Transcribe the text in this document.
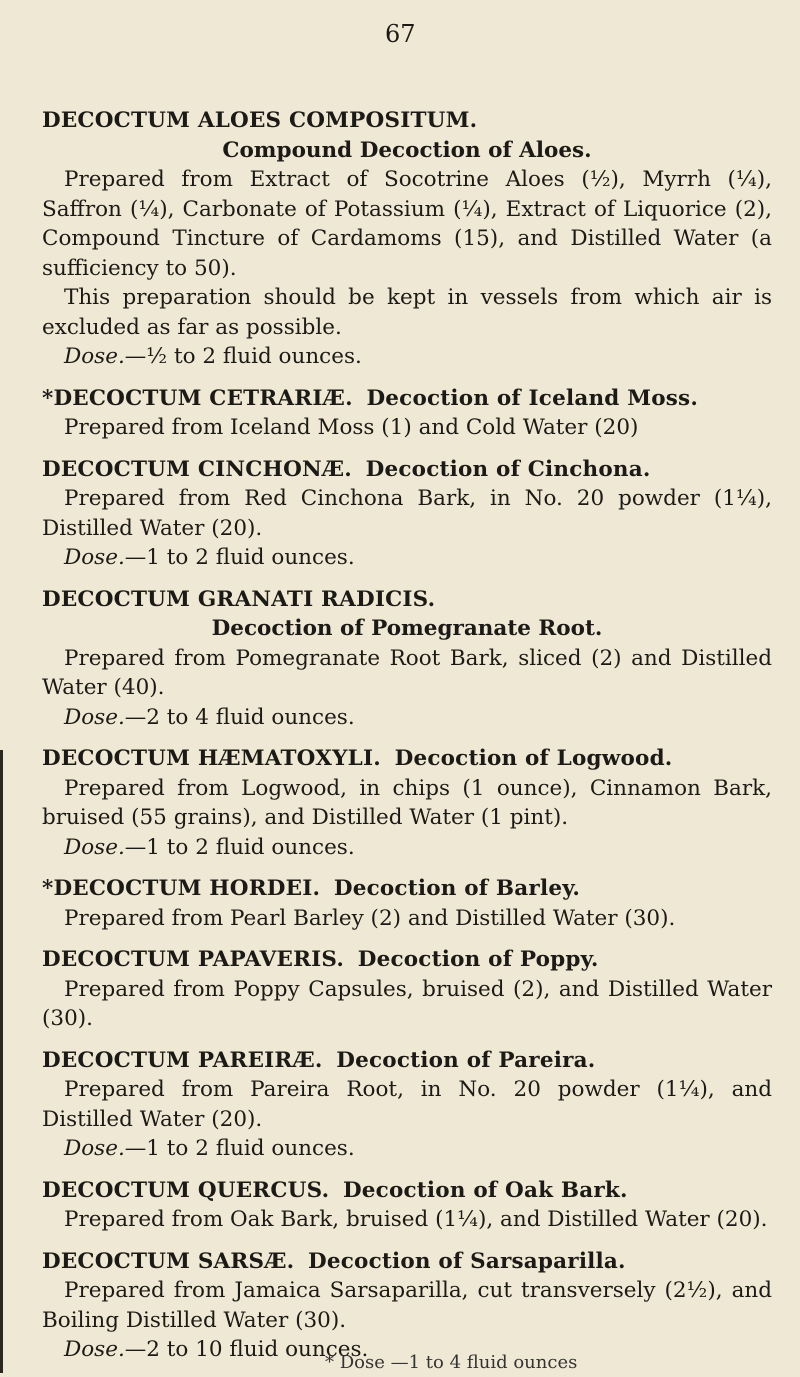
67
DECOCTUM ALOES COMPOSITUM.
Compound Decoction of Aloes.
Prepared from Extract of Socotrine Aloes (½), Myrrh (¼), Saffron (¼), Carbonate of Potassium (¼), Extract of Liquorice (2), Compound Tincture of Cardamoms (15), and Distilled Water (a sufficiency to 50).
This preparation should be kept in vessels from which air is excluded as far as possible.
Dose.—½ to 2 fluid ounces.
*DECOCTUM CETRARIÆ. Decoction of Iceland Moss.
Prepared from Iceland Moss (1) and Cold Water (20)
DECOCTUM CINCHONÆ. Decoction of Cinchona.
Prepared from Red Cinchona Bark, in No. 20 powder (1¼), Distilled Water (20).
Dose.—1 to 2 fluid ounces.
DECOCTUM GRANATI RADICIS.
Decoction of Pomegranate Root.
Prepared from Pomegranate Root Bark, sliced (2) and Distilled Water (40).
Dose.—2 to 4 fluid ounces.
DECOCTUM HÆMATOXYLI. Decoction of Logwood.
Prepared from Logwood, in chips (1 ounce), Cinnamon Bark, bruised (55 grains), and Distilled Water (1 pint).
Dose.—1 to 2 fluid ounces.
*DECOCTUM HORDEI. Decoction of Barley.
Prepared from Pearl Barley (2) and Distilled Water (30).
DECOCTUM PAPAVERIS. Decoction of Poppy.
Prepared from Poppy Capsules, bruised (2), and Distilled Water (30).
DECOCTUM PAREIRÆ. Decoction of Pareira.
Prepared from Pareira Root, in No. 20 powder (1¼), and Distilled Water (20).
Dose.—1 to 2 fluid ounces.
DECOCTUM QUERCUS. Decoction of Oak Bark.
Prepared from Oak Bark, bruised (1¼), and Distilled Water (20).
DECOCTUM SARSÆ. Decoction of Sarsaparilla.
Prepared from Jamaica Sarsaparilla, cut transversely (2½), and Boiling Distilled Water (30).
Dose.—2 to 10 fluid ounces.
* Dose —1 to 4 fluid ounces
